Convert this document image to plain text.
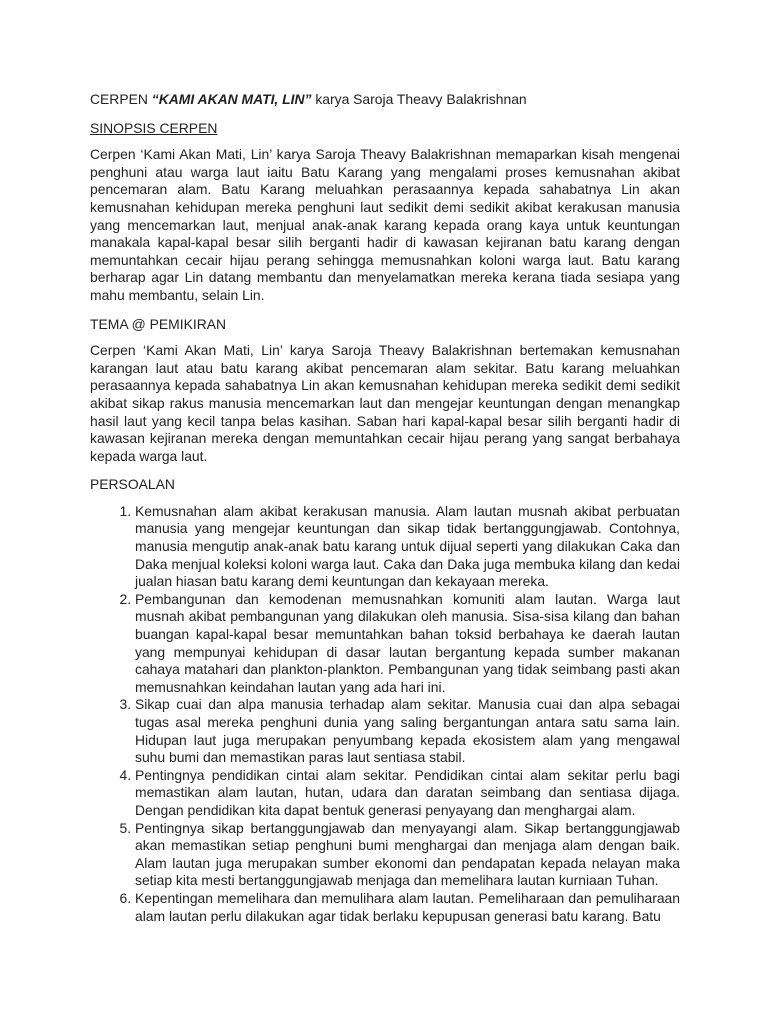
CERPEN “KAMI AKAN MATI, LIN” karya Saroja Theavy Balakrishnan

SINOPSIS CERPEN

Cerpen ‘Kami Akan Mati, Lin’ karya Saroja Theavy Balakrishnan memaparkan kisah mengenai penghuni atau warga laut iaitu Batu Karang yang mengalami proses kemusnahan akibat pencemaran alam. Batu Karang meluahkan perasaannya kepada sahabatnya Lin akan kemusnahan kehidupan mereka penghuni laut sedikit demi sedikit akibat kerakusan manusia yang mencemarkan laut, menjual anak-anak karang kepada orang kaya untuk keuntungan manakala kapal-kapal besar silih berganti hadir di kawasan kejiranan batu karang dengan memuntahkan cecair hijau perang sehingga memusnahkan koloni warga laut. Batu karang berharap agar Lin datang membantu dan menyelamatkan mereka kerana tiada sesiapa yang mahu membantu, selain Lin.

TEMA @ PEMIKIRAN

Cerpen ‘Kami Akan Mati, Lin’ karya Saroja Theavy Balakrishnan bertemakan kemusnahan karangan laut atau batu karang akibat pencemaran alam sekitar. Batu karang meluahkan perasaannya kepada sahabatnya Lin akan kemusnahan kehidupan mereka sedikit demi sedikit akibat sikap rakus manusia mencemarkan laut dan mengejar keuntungan dengan menangkap hasil laut yang kecil tanpa belas kasihan. Saban hari kapal-kapal besar silih berganti hadir di kawasan kejiranan mereka dengan memuntahkan cecair hijau perang yang sangat berbahaya kepada warga laut.

PERSOALAN

1. Kemusnahan alam akibat kerakusan manusia. Alam lautan musnah akibat perbuatan manusia yang mengejar keuntungan dan sikap tidak bertanggungjawab. Contohnya, manusia mengutip anak-anak batu karang untuk dijual seperti yang dilakukan Caka dan Daka menjual koleksi koloni warga laut. Caka dan Daka juga membuka kilang dan kedai jualan hiasan batu karang demi keuntungan dan kekayaan mereka.
2. Pembangunan dan kemodenan memusnahkan komuniti alam lautan. Warga laut musnah akibat pembangunan yang dilakukan oleh manusia. Sisa-sisa kilang dan bahan buangan kapal-kapal besar memuntahkan bahan toksid berbahaya ke daerah lautan yang mempunyai kehidupan di dasar lautan bergantung kepada sumber makanan cahaya matahari dan plankton-plankton. Pembangunan yang tidak seimbang pasti akan memusnahkan keindahan lautan yang ada hari ini.
3. Sikap cuai dan alpa manusia terhadap alam sekitar. Manusia cuai dan alpa sebagai tugas asal mereka penghuni dunia yang saling bergantungan antara satu sama lain. Hidupan laut juga merupakan penyumbang kepada ekosistem alam yang mengawal suhu bumi dan memastikan paras laut sentiasa stabil.
4. Pentingnya pendidikan cintai alam sekitar. Pendidikan cintai alam sekitar perlu bagi memastikan alam lautan, hutan, udara dan daratan seimbang dan sentiasa dijaga. Dengan pendidikan kita dapat bentuk generasi penyayang dan menghargai alam.
5. Pentingnya sikap bertanggungjawab dan menyayangi alam. Sikap bertanggungjawab akan memastikan setiap penghuni bumi menghargai dan menjaga alam dengan baik. Alam lautan juga merupakan sumber ekonomi dan pendapatan kepada nelayan maka setiap kita mesti bertanggungjawab menjaga dan memelihara lautan kurniaan Tuhan.
6. Kepentingan memelihara dan memulihara alam lautan. Pemeliharaan dan pemuliharaan alam lautan perlu dilakukan agar tidak berlaku kepupusan generasi batu karang. Batu
